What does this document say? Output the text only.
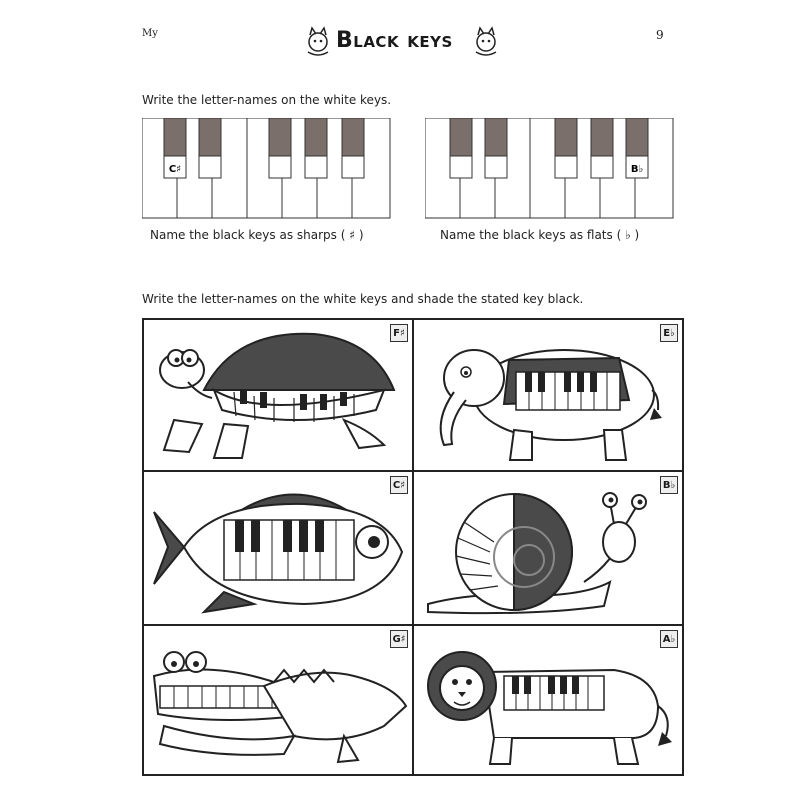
My	Black keys	9
Write the letter-names on the white keys.
C♯
Name the black keys as sharps ( ♯ )
B♭
Name the black keys as flats ( ♭ )
Write the letter-names on the white keys and shade the stated key black.
F♯	E♭
C♯	B♭
G♯	A♭
